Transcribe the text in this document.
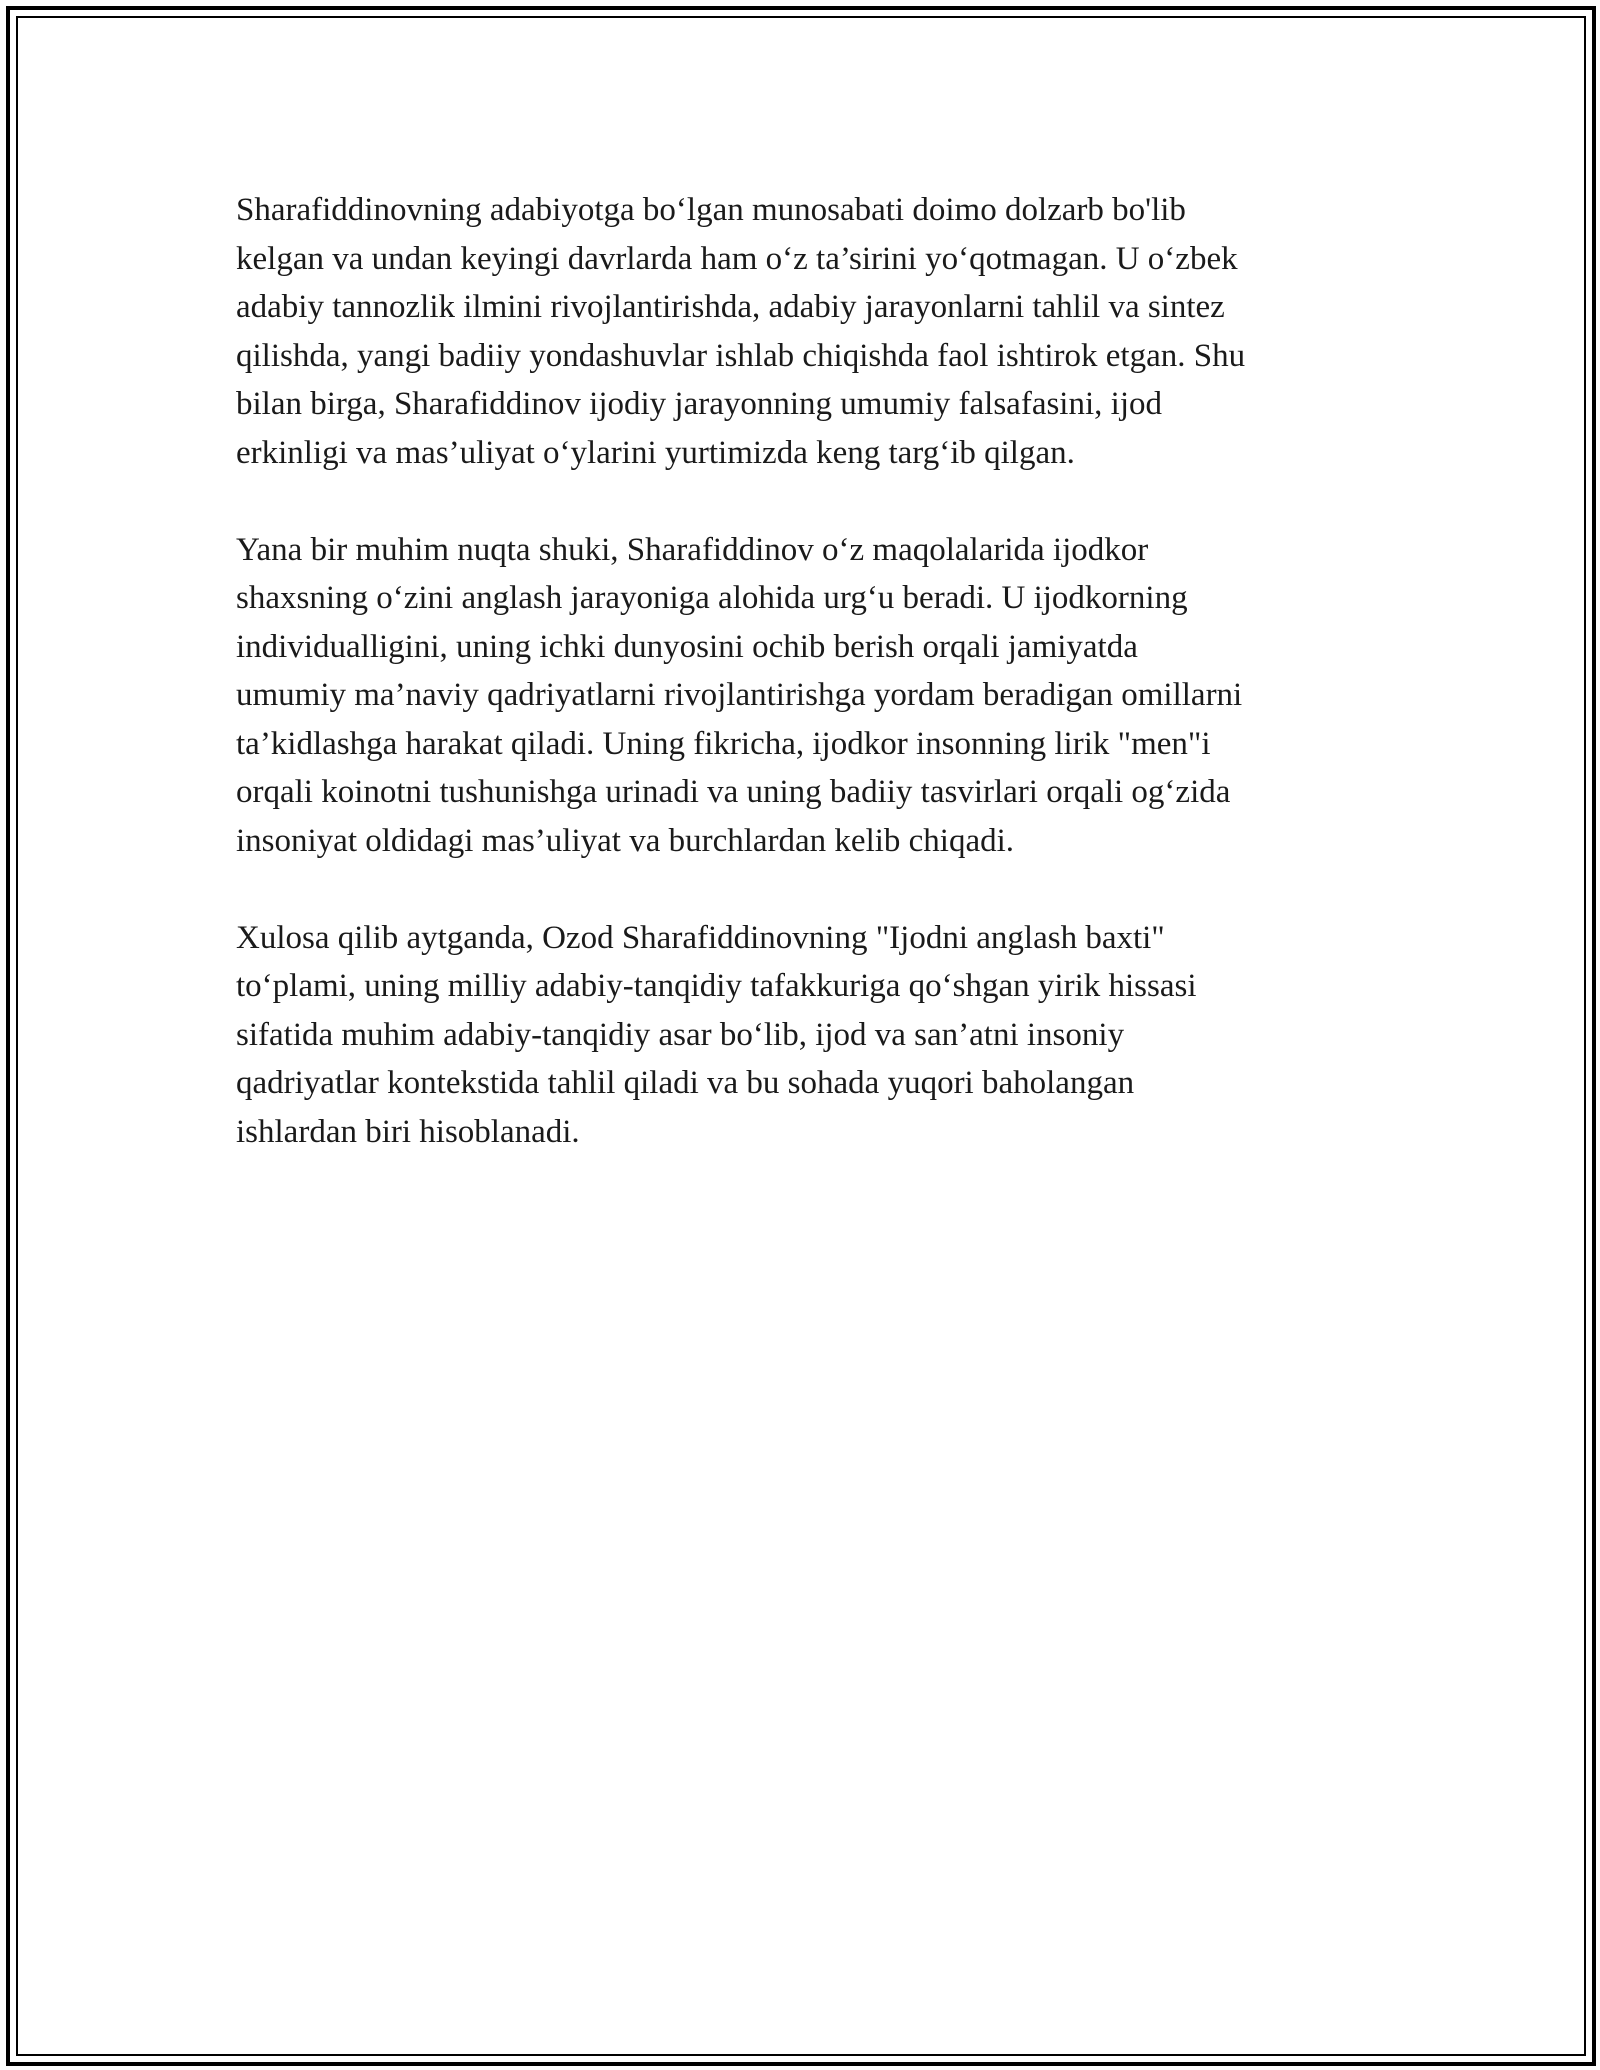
Sharafiddinovning adabiyotga bo‘lgan munosabati doimo dolzarb bo'lib
kelgan va undan keyingi davrlarda ham o‘z ta’sirini yo‘qotmagan. U o‘zbek
adabiy tannozlik ilmini rivojlantirishda, adabiy jarayonlarni tahlil va sintez
qilishda, yangi badiiy yondashuvlar ishlab chiqishda faol ishtirok etgan. Shu
bilan birga, Sharafiddinov ijodiy jarayonning umumiy falsafasini, ijod
erkinligi va mas’uliyat o‘ylarini yurtimizda keng targ‘ib qilgan.

Yana bir muhim nuqta shuki, Sharafiddinov o‘z maqolalarida ijodkor
shaxsning o‘zini anglash jarayoniga alohida urg‘u beradi. U ijodkorning
individualligini, uning ichki dunyosini ochib berish orqali jamiyatda
umumiy ma’naviy qadriyatlarni rivojlantirishga yordam beradigan omillarni
ta’kidlashga harakat qiladi. Uning fikricha, ijodkor insonning lirik "men"i
orqali koinotni tushunishga urinadi va uning badiiy tasvirlari orqali og‘zida
insoniyat oldidagi mas’uliyat va burchlardan kelib chiqadi.

Xulosa qilib aytganda, Ozod Sharafiddinovning "Ijodni anglash baxti"
to‘plami, uning milliy adabiy-tanqidiy tafakkuriga qo‘shgan yirik hissasi
sifatida muhim adabiy-tanqidiy asar bo‘lib, ijod va san’atni insoniy
qadriyatlar kontekstida tahlil qiladi va bu sohada yuqori baholangan
ishlardan biri hisoblanadi.
